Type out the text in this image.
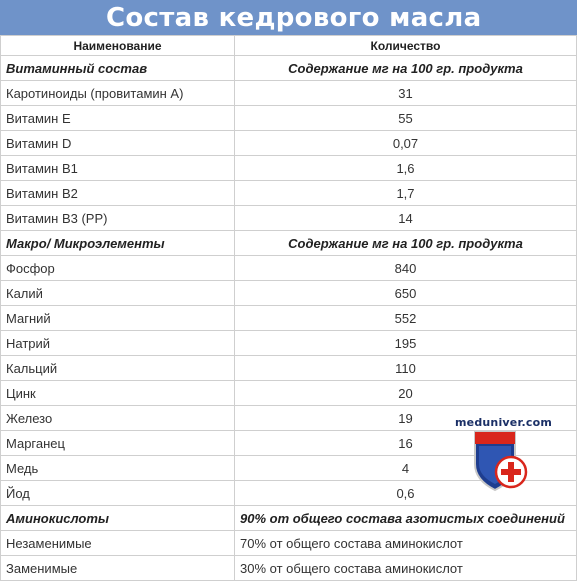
Состав кедрового масла
Наименование	Количество
Витаминный состав	Содержание мг на 100 гр. продукта
Каротиноиды (провитамин А)	31
Витамин Е	55
Витамин D	0,07
Витамин В1	1,6
Витамин В2	1,7
Витамин В3 (РР)	14
Макро/ Микроэлементы	Содержание мг на 100 гр. продукта
Фосфор	840
Калий	650
Магний	552
Натрий	195
Кальций	110
Цинк	20
Железо	19
Марганец	16
Медь	4
Йод	0,6
Аминокислоты	90% от общего состава азотистых соединений
Незаменимые	70% от общего состава аминокислот
Заменимые	30% от общего состава аминокислот
meduniver.com
